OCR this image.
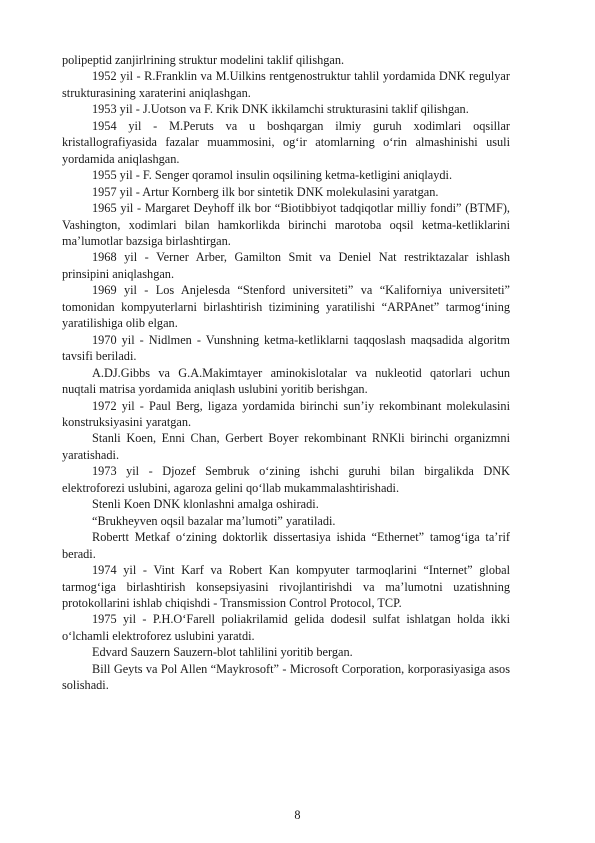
polipeptid zanjirlrining struktur modelini taklif qilishgan.

1952 yil - R.Franklin va M.Uilkins rentgenostruktur tahlil yordamida DNK regulyar strukturasining xaraterini aniqlashgan.

1953 yil - J.Uotson va F. Krik DNK ikkilamchi strukturasini taklif qilishgan.

1954 yil - M.Peruts va u boshqargan ilmiy guruh xodimlari oqsillar kristallografiyasida fazalar muammosini, og‘ir atomlarning o‘rin almashinishi usuli yordamida aniqlashgan.

1955 yil - F. Senger qoramol insulin oqsilining ketma-ketligini aniqlaydi.

1957 yil - Artur Kornberg ilk bor sintetik DNK molekulasini yaratgan.

1965 yil - Margaret Deyhoff ilk bor “Biotibbiyot tadqiqotlar milliy fondi” (BTMF), Vashington, xodimlari bilan hamkorlikda birinchi marotoba oqsil ketma-ketliklarini ma’lumotlar bazsiga birlashtirgan.

1968 yil - Verner Arber, Gamilton Smit va Deniel Nat restriktazalar ishlash prinsipini aniqlashgan.

1969 yil - Los Anjelesda “Stenford universiteti” va “Kaliforniya universiteti” tomonidan kompyuterlarni birlashtirish tizimining yaratilishi “ARPAnet” tarmog‘ining yaratilishiga olib elgan.

1970 yil - Nidlmen - Vunshning ketma-ketliklarni taqqoslash maqsadida algoritm tavsifi beriladi.

A.DJ.Gibbs va G.A.Makimtayer aminokislotalar va nukleotid qatorlari uchun nuqtali matrisa yordamida aniqlash uslubini yoritib berishgan.

1972 yil - Paul Berg, ligaza yordamida birinchi sun’iy rekombinant molekulasini konstruksiyasini yaratgan.

Stanli Koen, Enni Chan, Gerbert Boyer rekombinant RNKli birinchi organizmni yaratishadi.

1973 yil - Djozef Sembruk o‘zining ishchi guruhi bilan birgalikda DNK elektroforezi uslubini, agaroza gelini qo‘llab mukammalashtirishadi.

Stenli Koen DNK klonlashni amalga oshiradi.

“Brukheyven oqsil bazalar ma’lumoti” yaratiladi.

Robertt Metkaf o‘zining doktorlik dissertasiya ishida “Ethernet” tamog‘iga ta’rif beradi.

1974 yil - Vint Karf va Robert Kan kompyuter tarmoqlarini “Internet” global tarmog‘iga birlashtirish konsepsiyasini rivojlantirishdi va ma’lumotni uzatishning protokollarini ishlab chiqishdi - Transmission Control Protocol, TCP.

1975 yil - P.H.O‘Farell poliakrilamid gelida dodesil sulfat ishlatgan holda ikki o‘lchamli elektroforez uslubini yaratdi.

Edvard Sauzern Sauzern-blot tahlilini yoritib bergan.

Bill Geyts va Pol Allen “Maykrosoft” - Microsoft Corporation, korporasiyasiga asos solishadi.

8
